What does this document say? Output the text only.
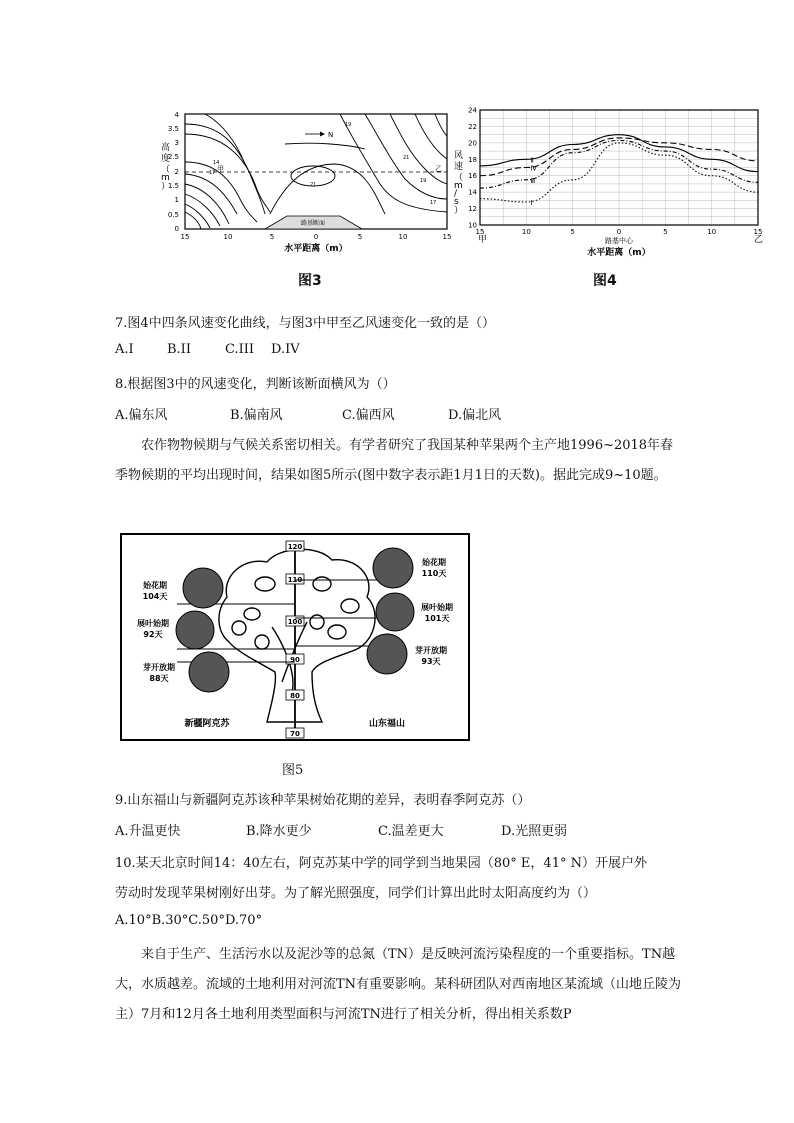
4
3.5
3
2.5
2
1.5
1
0.5
0
高
度
（
m
）
路基断面
N
14
17
19
21
21
19
17
甲	乙
15	10	5	0	5	10	15
水平距离（m）
图3
24
22
20
18
16
14
12
10
15	10	5	0	5	10	15
Ⅰ
Ⅱ
Ⅲ
Ⅳ
风
速
（
m
/
s
）
甲	乙
路基中心
水平距离（m）
图4
7.图4中四条风速变化曲线，与图3中甲至乙风速变化一致的是（）
A.I	B.II	C.III D.IV
8.根据图3中的风速变化，判断该断面横风为（）
A.偏东风	B.偏南风	C.偏西风	D.偏北风
农作物物候期与气候关系密切相关。有学者研究了我国某种苹果两个主产地1996~2018年春季物候期的平均出现时间，结果如图5所示(图中数字表示距1月1日的天数)。据此完成9~10题。
120
110
100
90
80
70
始花期
104天
展叶始期
92天
芽开放期
88天
始花期
110天
展叶始期
101天
芽开放期
93天
新疆阿克苏	山东福山
图5
9.山东福山与新疆阿克苏该种苹果树始花期的差异，表明春季阿克苏（）
A.升温更快	B.降水更少	C.温差更大	D.光照更弱
10.某天北京时间14：40左右，阿克苏某中学的同学到当地果园（80° E，41° N）开展户外
劳动时发现苹果树刚好出芽。为了解光照强度，同学们计算出此时太阳高度约为（）
A.10°B.30°C.50°D.70°
来自于生产、生活污水以及泥沙等的总氮（TN）是反映河流污染程度的一个重要指标。TN越大，水质越差。流域的土地利用对河流TN有重要影响。某科研团队对西南地区某流域（山地丘陵为主）7月和12月各土地利用类型面积与河流TN进行了相关分析，得出相关系数P
